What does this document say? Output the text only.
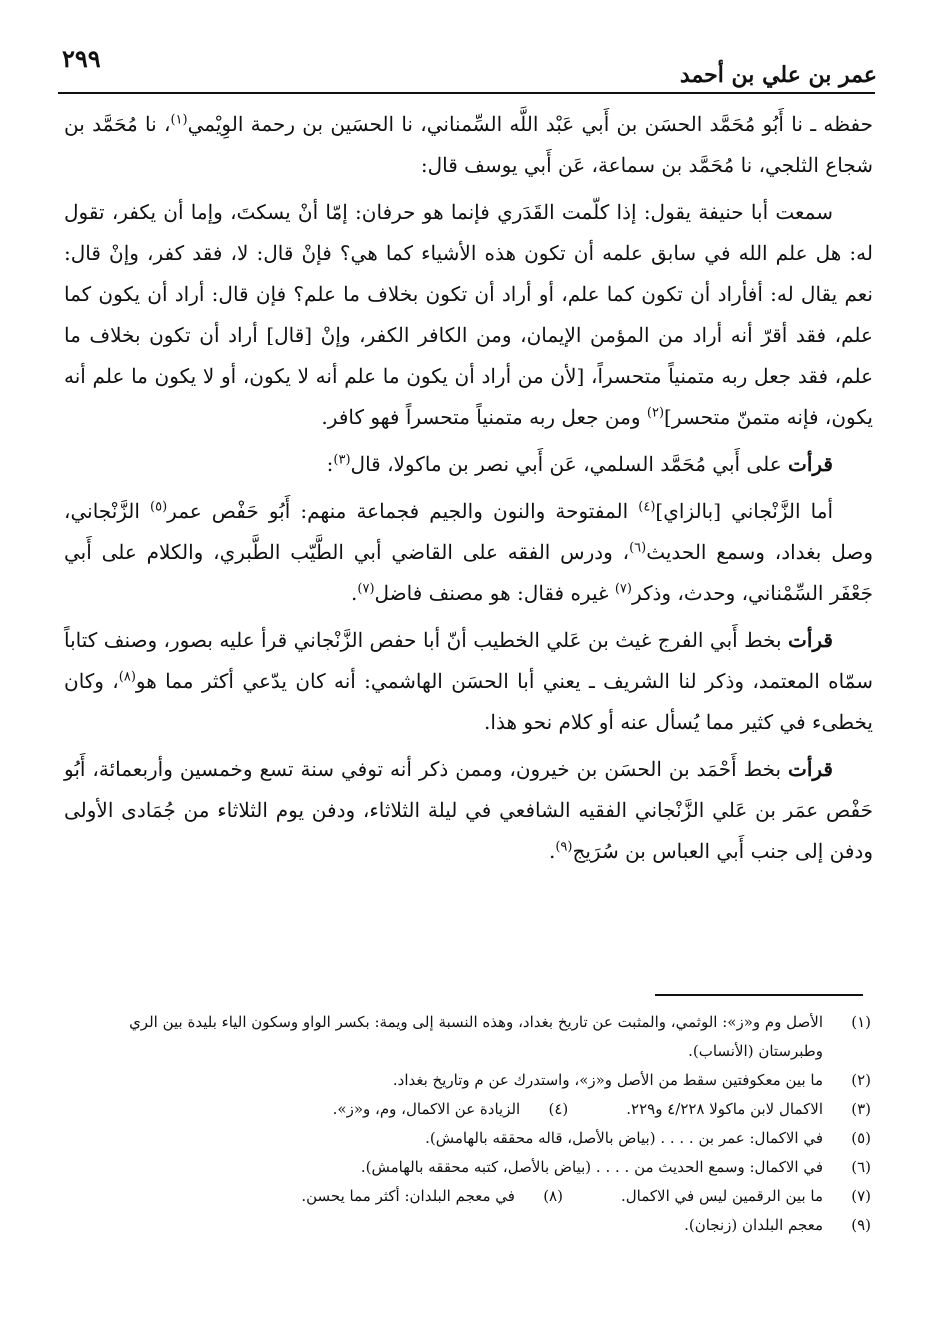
٢٩٩
عمر بن علي بن أحمد

حفظه ـ نا أَبُو مُحَمَّد الحسَن بن أَبي عَبْد اللَّه السِّمناني، نا الحسَين بن رحمة الوِيْمي$^{(١)}$، نا مُحَمَّد بن شجاع الثلجي، نا مُحَمَّد بن سماعة، عَن أَبي يوسف قال:

سمعت أبا حنيفة يقول: إذا كلّمت القَدَري فإنما هو حرفان: إمّا أنْ يسكتَ، وإما أن يكفر، تقول له: هل علم الله في سابق علمه أن تكون هذه الأشياء كما هي؟ فإنْ قال: لا، فقد كفر، وإنْ قال: نعم يقال له: أفأراد أن تكون كما علم، أو أراد أن تكون بخلاف ما علم؟ فإن قال: أراد أن يكون كما علم، فقد أقرّ أنه أراد من المؤمن الإيمان، ومن الكافر الكفر، وإنْ [قال] أراد أن تكون بخلاف ما علم، فقد جعل ربه متمنياً متحسراً، [لأن من أراد أن يكون ما علم أنه لا يكون، أو لا يكون ما علم أنه يكون، فإنه متمنّ متحسر]$^{(٢)}$ ومن جعل ربه متمنياً متحسراً فهو كافر.

قرأت على أَبي مُحَمَّد السلمي، عَن أَبي نصر بن ماكولا، قال$^{(٣)}$:

أما الزَّنْجاني [بالزاي]$^{(٤)}$ المفتوحة والنون والجيم فجماعة منهم: أَبُو حَفْص عمر$^{(٥)}$ الزَّنْجاني، وصل بغداد، وسمع الحديث$^{(٦)}$، ودرس الفقه على القاضي أبي الطَّيّب الطَّبري، والكلام على أَبي جَعْفَر السِّمْناني، وحدث، وذكر$^{(٧)}$ غيره فقال: هو مصنف فاضل$^{(٧)}$.

قرأت بخط أَبي الفرج غيث بن عَلي الخطيب أنّ أبا حفص الزَّنْجاني قرأ عليه بصور، وصنف كتاباً سمّاه المعتمد، وذكر لنا الشريف ـ يعني أبا الحسَن الهاشمي: أنه كان يدّعي أكثر مما هو$^{(٨)}$، وكان يخطىء في كثير مما يُسأل عنه أو كلام نحو هذا.

قرأت بخط أَحْمَد بن الحسَن بن خيرون، وممن ذكر أنه توفي سنة تسع وخمسين وأربعمائة، أَبُو حَفْص عمَر بن عَلي الزَّنْجاني الفقيه الشافعي في ليلة الثلاثاء، ودفن يوم الثلاثاء من جُمَادى الأولى ودفن إلى جنب أَبي العباس بن سُرَيج$^{(٩)}$.

(١)
الأصل وم و«ز»: الوثمي، والمثبت عن تاريخ بغداد، وهذه النسبة إلى ويمة: بكسر الواو وسكون الياء بليدة بين الري وطبرستان (الأنساب).
(٢)
ما بين معكوفتين سقط من الأصل و«ز»، واستدرك عن م وتاريخ بغداد.
(٣)
الاكمال لابن ماكولا ٤/٢٢٨ و٢٢٩.
(٤)
الزيادة عن الاكمال، وم، و«ز».
(٥)
في الاكمال: عمر بن . . . . (بياض بالأصل، قاله محققه بالهامش).
(٦)
في الاكمال: وسمع الحديث من . . . . (بياض بالأصل، كتبه محققه بالهامش).
(٧)
ما بين الرقمين ليس في الاكمال.
(٨)
في معجم البلدان: أكثر مما يحسن.
(٩)
معجم البلدان (زنجان).
